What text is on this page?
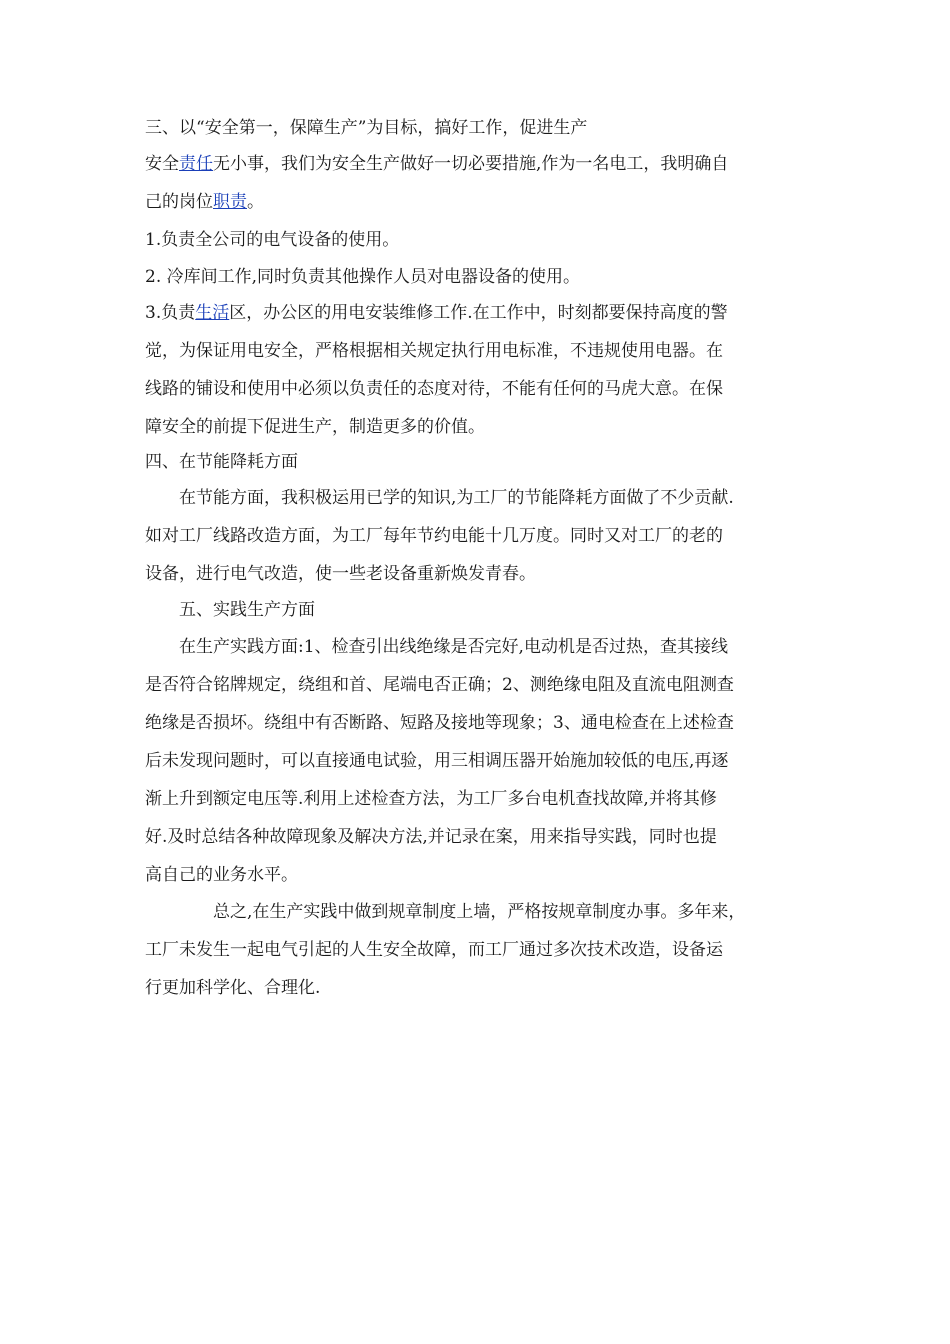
三、以“安全第一，保障生产”为目标，搞好工作，促进生产

安全责任无小事，我们为安全生产做好一切必要措施,作为一名电工，我明确自

己的岗位职责。

1.负责全公司的电气设备的使用。

2. 冷库间工作,同时负责其他操作人员对电器设备的使用。

3.负责生活区，办公区的用电安装维修工作.在工作中，时刻都要保持高度的警

觉，为保证用电安全，严格根据相关规定执行用电标准，不违规使用电器。在

线路的铺设和使用中必须以负责任的态度对待，不能有任何的马虎大意。在保

障安全的前提下促进生产，制造更多的价值。

四、在节能降耗方面

在节能方面，我积极运用已学的知识,为工厂的节能降耗方面做了不少贡献.

如对工厂线路改造方面，为工厂每年节约电能十几万度。同时又对工厂的老的

设备，进行电气改造，使一些老设备重新焕发青春。

五、实践生产方面

在生产实践方面:1、检查引出线绝缘是否完好,电动机是否过热，查其接线

是否符合铭牌规定，绕组和首、尾端电否正确；2、测绝缘电阻及直流电阻测查

绝缘是否损坏。绕组中有否断路、短路及接地等现象；3、通电检查在上述检查

后未发现问题时，可以直接通电试验，用三相调压器开始施加较低的电压,再逐

渐上升到额定电压等.利用上述检查方法，为工厂多台电机查找故障,并将其修

好.及时总结各种故障现象及解决方法,并记录在案，用来指导实践，同时也提

高自己的业务水平。

总之,在生产实践中做到规章制度上墙，严格按规章制度办事。多年来，

工厂未发生一起电气引起的人生安全故障，而工厂通过多次技术改造，设备运

行更加科学化、合理化.
